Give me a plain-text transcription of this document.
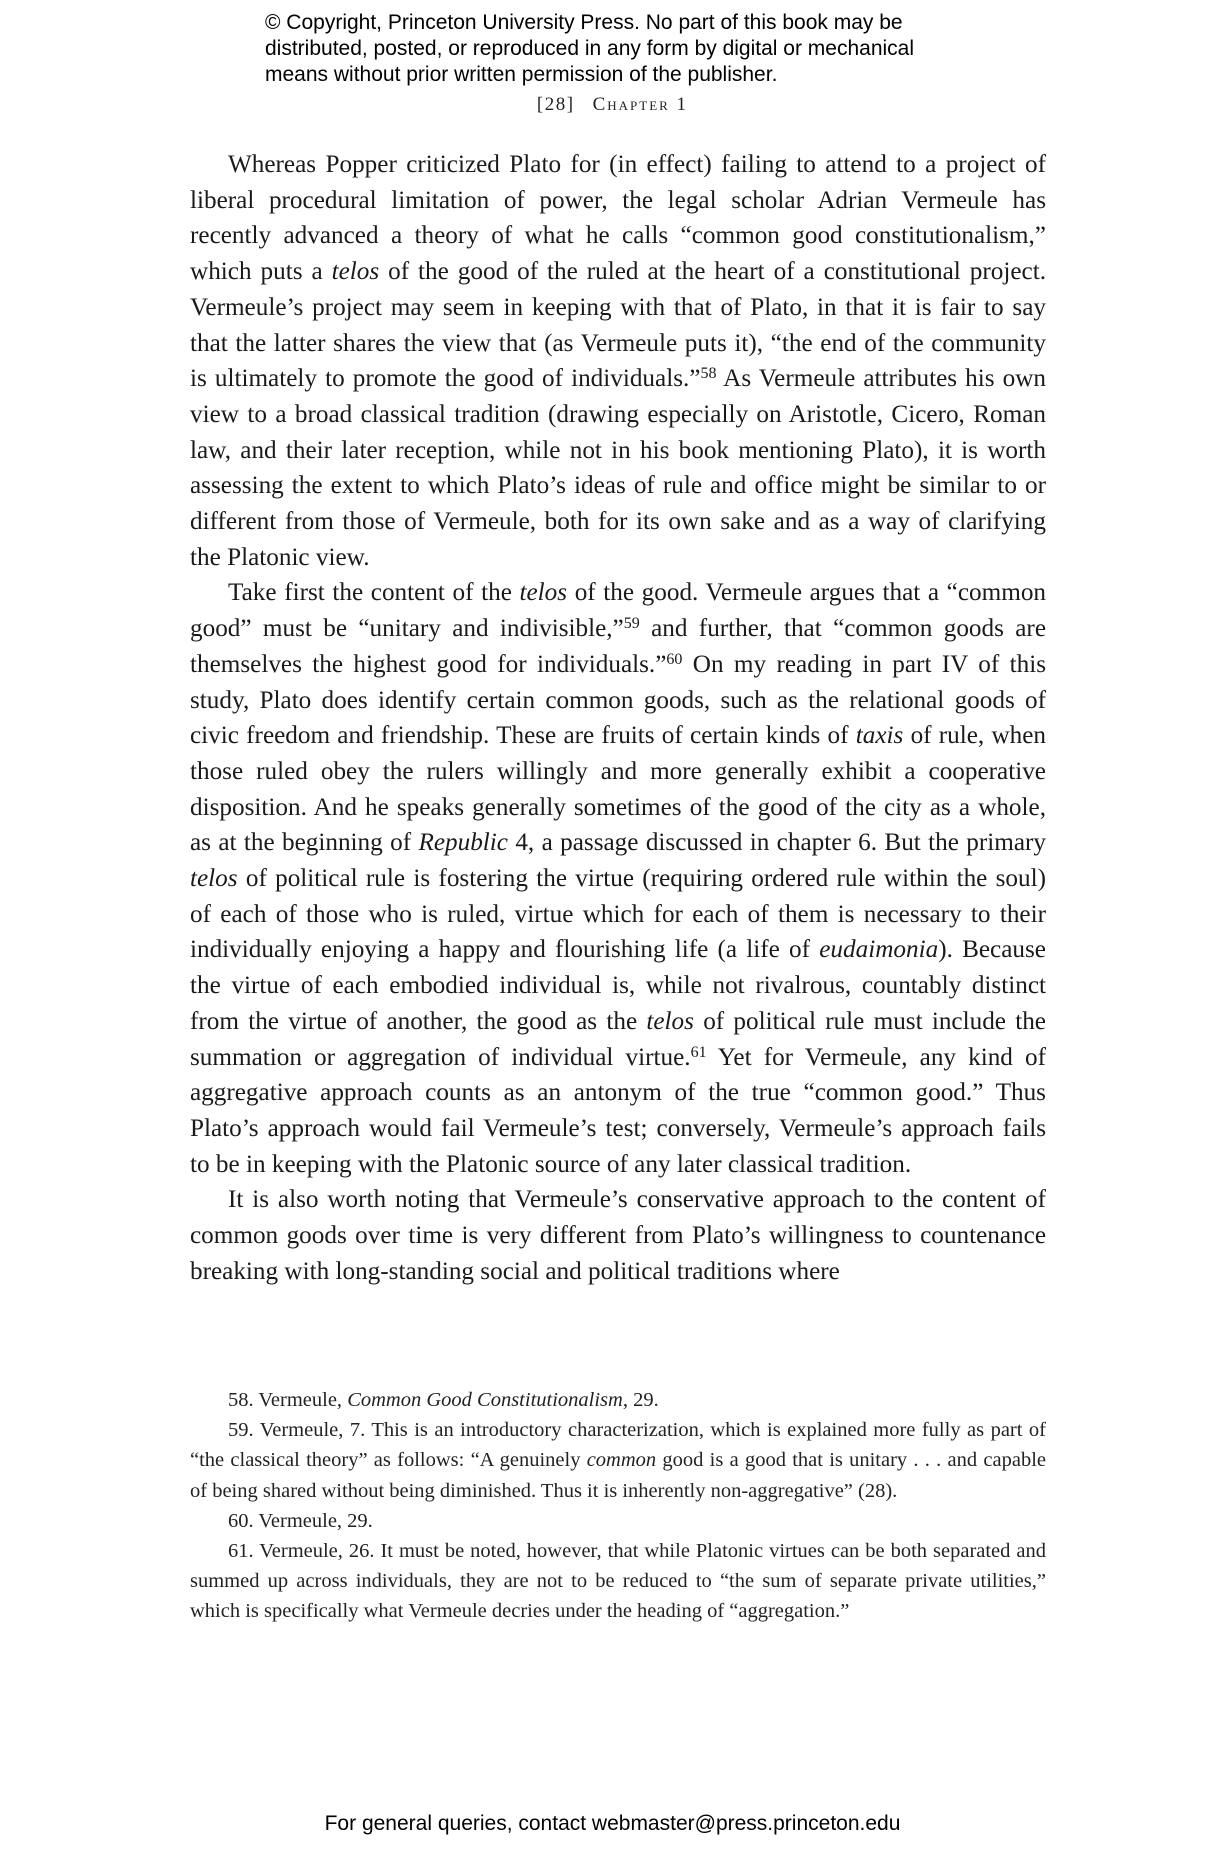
© Copyright, Princeton University Press. No part of this book may be distributed, posted, or reproduced in any form by digital or mechanical means without prior written permission of the publisher.
[28] Chapter 1

Whereas Popper criticized Plato for (in effect) failing to attend to a project of liberal procedural limitation of power, the legal scholar Adrian Vermeule has recently advanced a theory of what he calls “common good constitutionalism,” which puts a telos of the good of the ruled at the heart of a constitutional project. Vermeule’s project may seem in keeping with that of Plato, in that it is fair to say that the latter shares the view that (as Vermeule puts it), “the end of the community is ultimately to promote the good of individuals.”$^{58}$ As Vermeule attributes his own view to a broad classical tradition (drawing especially on Aristotle, Cicero, Roman law, and their later reception, while not in his book mentioning Plato), it is worth assessing the extent to which Plato’s ideas of rule and office might be similar to or different from those of Vermeule, both for its own sake and as a way of clarifying the Platonic view.

Take first the content of the telos of the good. Vermeule argues that a “common good” must be “unitary and indivisible,”$^{59}$ and further, that “common goods are themselves the highest good for individuals.”$^{60}$ On my reading in part IV of this study, Plato does identify certain common goods, such as the relational goods of civic freedom and friendship. These are fruits of certain kinds of taxis of rule, when those ruled obey the rulers willingly and more generally exhibit a cooperative disposition. And he speaks generally sometimes of the good of the city as a whole, as at the beginning of Republic 4, a passage discussed in chapter 6. But the primary telos of political rule is fostering the virtue (requiring ordered rule within the soul) of each of those who is ruled, virtue which for each of them is necessary to their individually enjoying a happy and flourishing life (a life of eudaimonia). Because the virtue of each embodied individual is, while not rivalrous, countably distinct from the virtue of another, the good as the telos of political rule must include the summation or aggregation of individual virtue.$^{61}$ Yet for Vermeule, any kind of aggregative approach counts as an antonym of the true “common good.” Thus Plato’s approach would fail Vermeule’s test; conversely, Vermeule’s approach fails to be in keeping with the Platonic source of any later classical tradition.

It is also worth noting that Vermeule’s conservative approach to the content of common goods over time is very different from Plato’s willingness to countenance breaking with long-standing social and political traditions where

58. Vermeule, Common Good Constitutionalism, 29.

59. Vermeule, 7. This is an introductory characterization, which is explained more fully as part of “the classical theory” as follows: “A genuinely common good is a good that is unitary . . . and capable of being shared without being diminished. Thus it is inherently non-aggregative” (28).

60. Vermeule, 29.

61. Vermeule, 26. It must be noted, however, that while Platonic virtues can be both separated and summed up across individuals, they are not to be reduced to “the sum of separate private utilities,” which is specifically what Vermeule decries under the heading of “aggregation.”

For general queries, contact webmaster@press.princeton.edu
